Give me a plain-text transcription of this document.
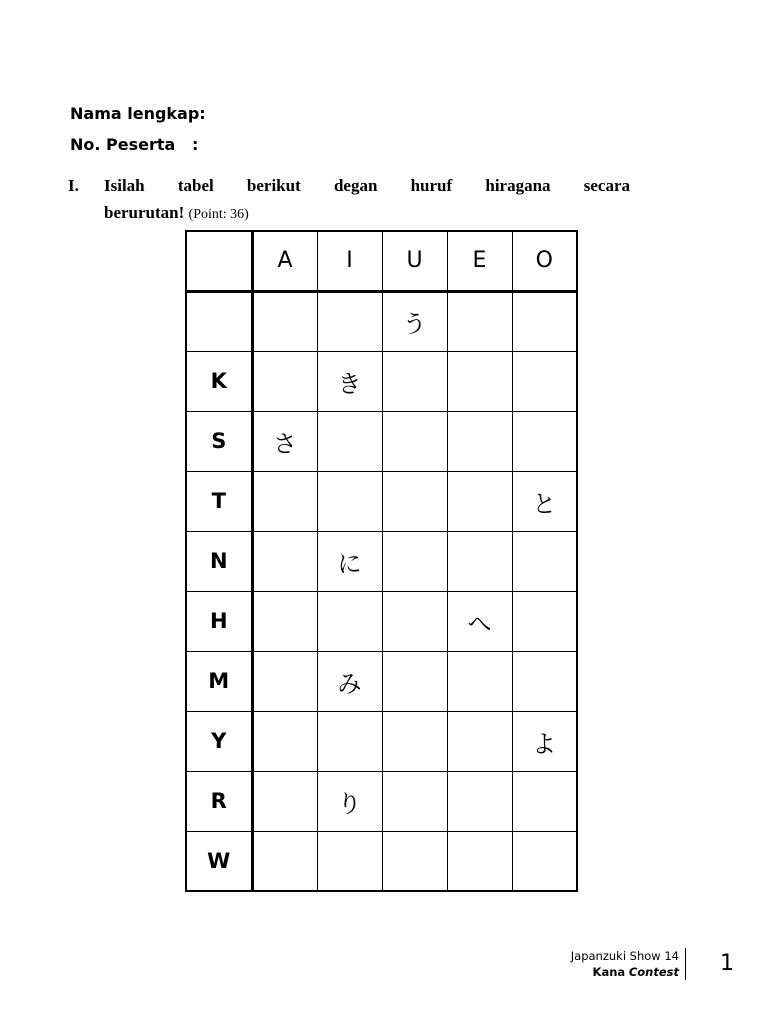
Nama lengkap:
No. Peserta :
I. Isilah tabel berikut degan huruf hiragana secara
berurutan! (Point: 36)
	A	I	U	E	O
			う		
K		き			
S	さ				
T					と
N		に			
H				へ	
M		み			
Y					よ
R		り			
W					
Japanzuki Show 14
Kana Contest 1
